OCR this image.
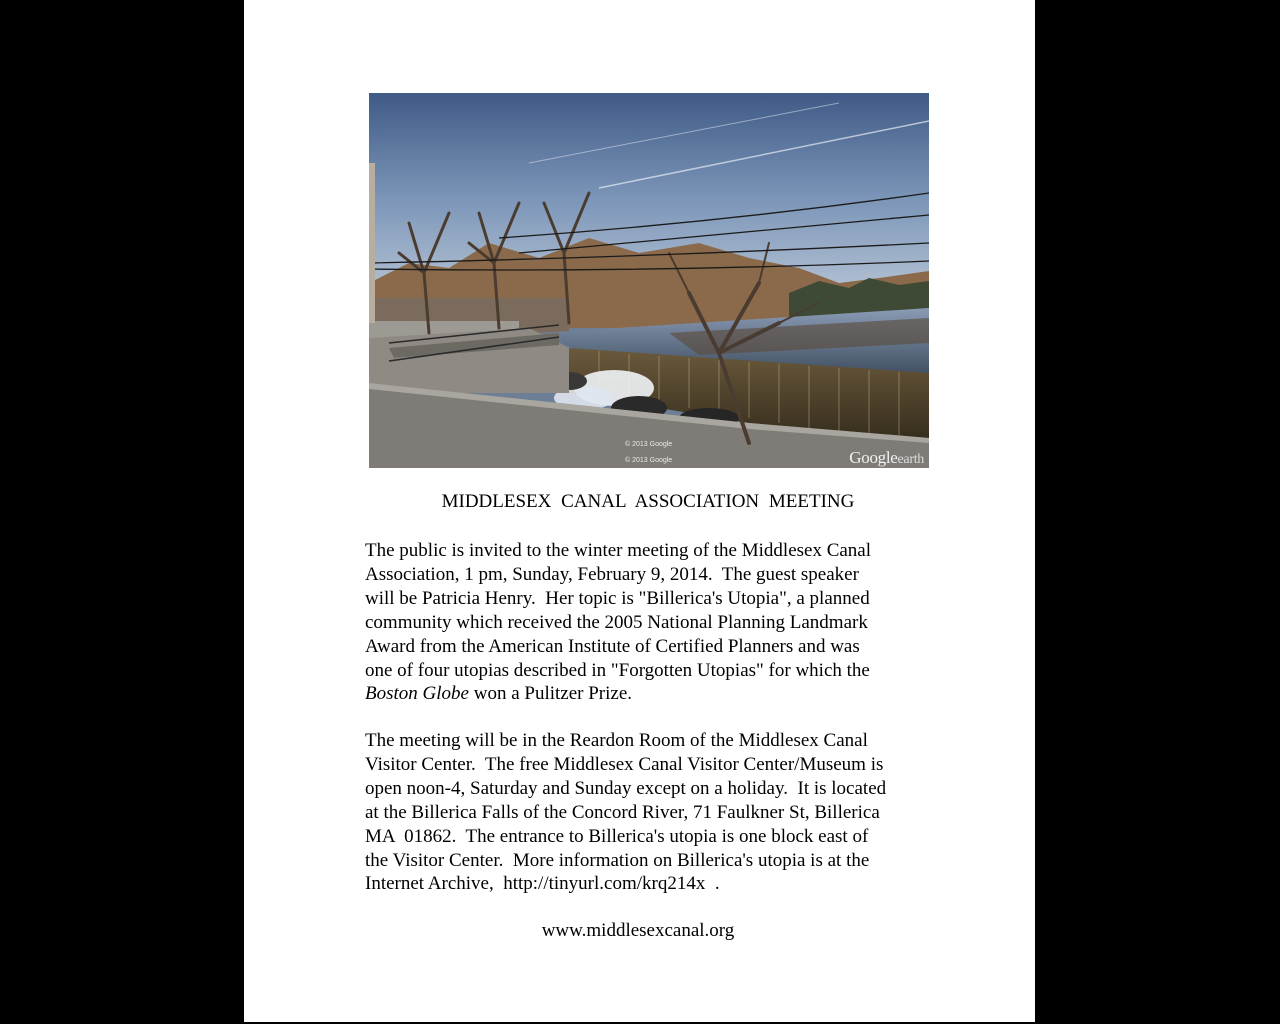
© 2013 Google
© 2013 Google	Googleearth
MIDDLESEX CANAL ASSOCIATION MEETING

The public is invited to the winter meeting of the Middlesex Canal
Association, 1 pm, Sunday, February 9, 2014.  The guest speaker
will be Patricia Henry.  Her topic is "Billerica's Utopia", a planned
community which received the 2005 National Planning Landmark
Award from the American Institute of Certified Planners and was
one of four utopias described in "Forgotten Utopias" for which the
Boston Globe won a Pulitzer Prize.

The meeting will be in the Reardon Room of the Middlesex Canal
Visitor Center.  The free Middlesex Canal Visitor Center/Museum is
open noon-4, Saturday and Sunday except on a holiday.  It is located
at the Billerica Falls of the Concord River, 71 Faulkner St, Billerica
MA  01862.  The entrance to Billerica's utopia is one block east of
the Visitor Center.  More information on Billerica's utopia is at the
Internet Archive,  http://tinyurl.com/krq214x  .

www.middlesexcanal.org
